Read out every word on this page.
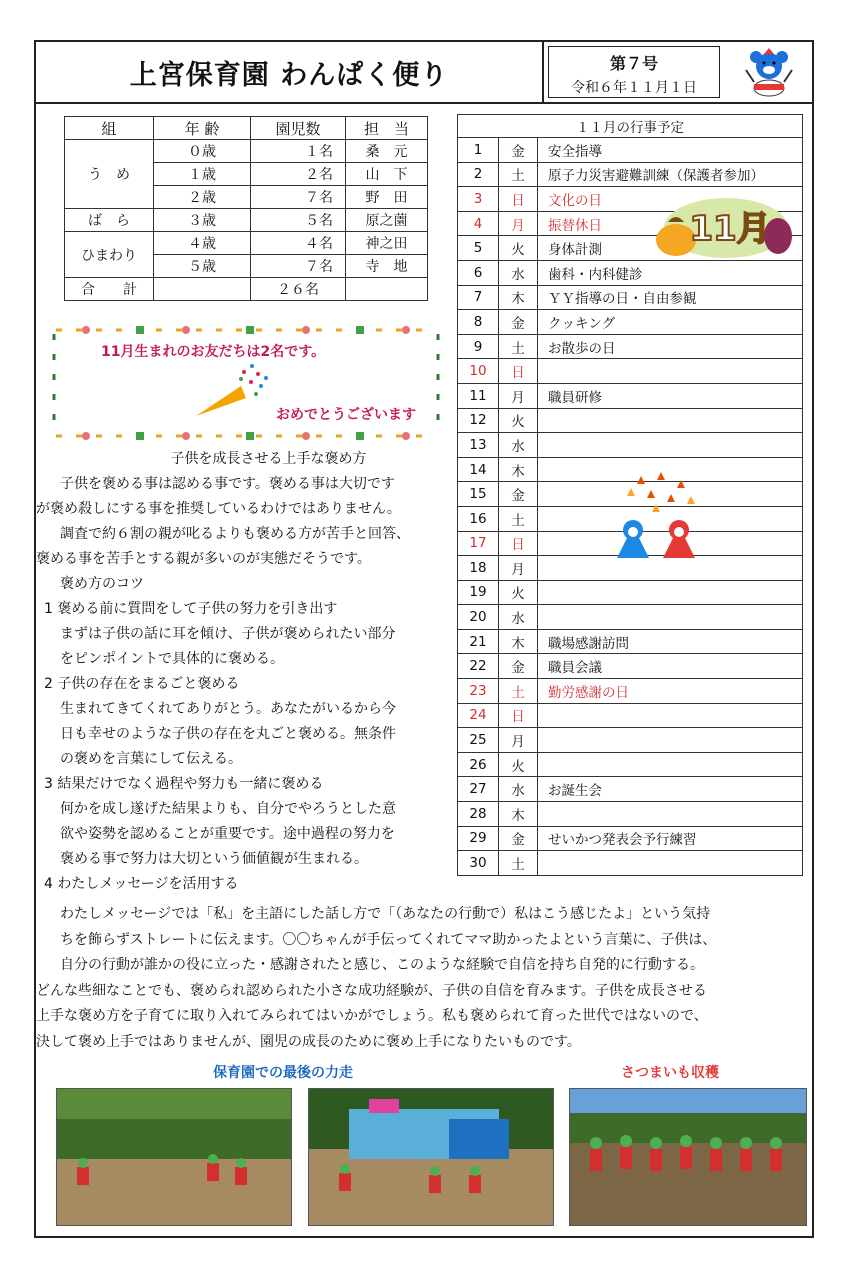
上宮保育園 わんぱく便り	第７号
令和６年１１月１日
組	年 齢	園児数	担　当
う　め	０歳	１名	桑　元
	１歳	２名	山　下
	２歳	７名	野　田
ば　ら	３歳	５名	原之薗
ひまわり	４歳	４名	神之田
	５歳	７名	寺　地
合　　計		２６名	
11月生まれのお友だちは2名です。
おめでとうございます
子供を成長させる上手な褒め方
子供を褒める事は認める事です。褒める事は大切です
が褒め殺しにする事を推奨しているわけではありません。
調査で約６割の親が叱るよりも褒める方が苦手と回答、
褒める事を苦手とする親が多いのが実態だそうです。
褒め方のコツ
1 褒める前に質問をして子供の努力を引き出す
まずは子供の話に耳を傾け、子供が褒められたい部分
をピンポイントで具体的に褒める。
2 子供の存在をまるごと褒める
生まれてきてくれてありがとう。あなたがいるから今
日も幸せのような子供の存在を丸ごと褒める。無条件
の褒めを言葉にして伝える。
3 結果だけでなく過程や努力も一緒に褒める
何かを成し遂げた結果よりも、自分でやろうとした意
欲や姿勢を認めることが重要です。途中過程の努力を
褒める事で努力は大切という価値観が生まれる。
4 わたしメッセージを活用する
わたしメッセージでは「私」を主語にした話し方で「（あなたの行動で）私はこう感じたよ」という気持
ちを飾らずストレートに伝えます。〇〇ちゃんが手伝ってくれてママ助かったよという言葉に、子供は、
自分の行動が誰かの役に立った・感謝されたと感じ、このような経験で自信を持ち自発的に行動する。
どんな些細なことでも、褒められ認められた小さな成功経験が、子供の自信を育みます。子供を成長させる
上手な褒め方を子育てに取り入れてみられてはいかがでしょう。私も褒められて育った世代ではないので、
決して褒め上手ではありませんが、園児の成長のために褒め上手になりたいものです。
１１月の行事予定		
1	金	安全指導
2	土	原子力災害避難訓練（保護者参加）
3	日	文化の日
4	月	振替休日
5	火	身体計測
6	水	歯科・内科健診
7	木	ＹＹ指導の日・自由参観
8	金	クッキング
9	土	お散歩の日
10	日	
11	月	職員研修
12	火	
13	水	
14	木	
15	金	
16	土	
17	日	
18	月	
19	火	
20	水	
21	木	職場感謝訪問
22	金	職員会議
23	土	勤労感謝の日
24	日	
25	月	
26	火	
27	水	お誕生会
28	木	
29	金	せいかつ発表会予行練習
30	土	
11月
保育園での最後の力走	さつまいも収穫
